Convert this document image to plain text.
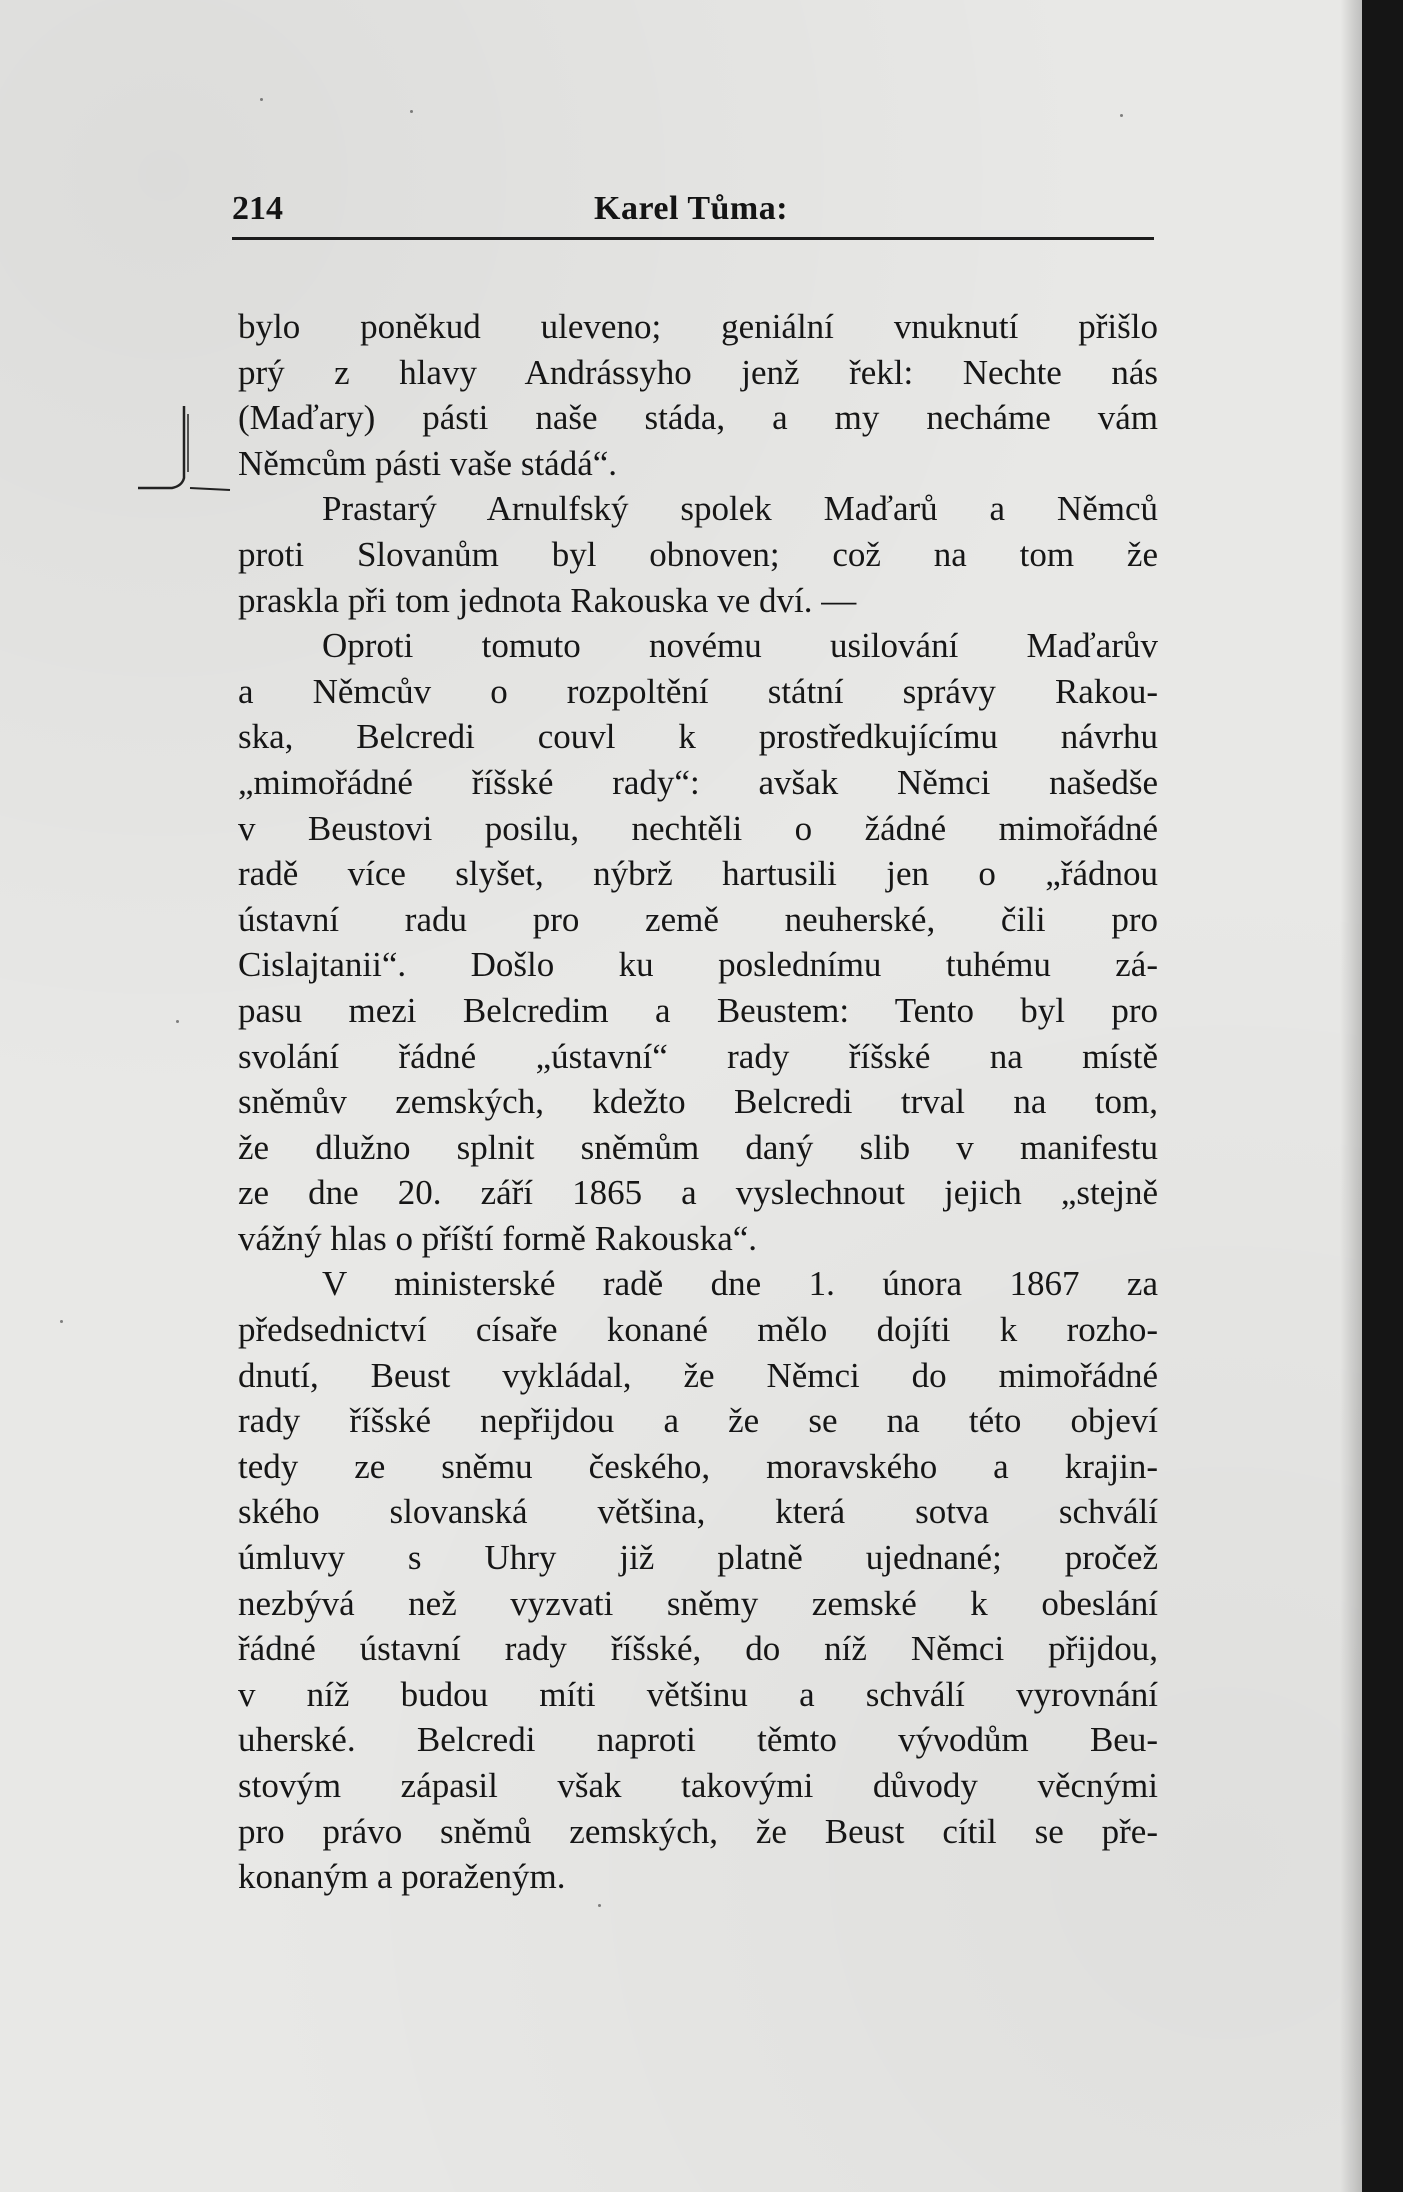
214	Karel Tůma:
bylo poněkud ulevenο; geniální vnuknutí přišlo
prý z hlavy Andrássyho jenž řekl: Nechte nás
(Maďary) pásti naše stáda, a my necháme vám
Němcům pásti vaše stádá“.
Prastarý Arnulfský spolek Maďarů a Němců
proti Slovanům byl obnoven; což na tom že
praskla při tom jednota Rakouska ve dví. —
Oproti tomuto novému usilování Maďarův
a Němcův o rozpoltění státní správy Rakou-
ska, Belcredi couvl k prostředkujícímu návrhu
„mimořádné říšské rady“: avšak Němci našedše
v Beustovi posilu, nechtěli o žádné mimořádné
radě více slyšet, nýbrž hartusili jen o „řádnou
ústavní radu pro země neuherské, čili pro
Cislajtanii“. Došlo ku poslednímu tuhému zá-
pasu mezi Belcredim a Beustem: Tento byl pro
svolání řádné „ústavní“ rady říšské na místě
sněmův zemských, kdežto Belcredi trval na tom,
že dlužno splnit sněmům daný slib v manifestu
ze dne 20. září 1865 a vyslechnout jejich „stejně
vážný hlas o příští formě Rakouska“.
V ministerské radě dne 1. února 1867 za
předsednictví císaře konané mělo dojíti k rozho-
dnutí, Beust vykládal, že Němci do mimořádné
rady říšské nepřijdou a že se na této objeví
tedy ze sněmu českého, moravského a krajin-
ského slovanská většina, která sotva schválí
úmluvy s Uhry již platně ujednané; pročež
nezbývá než vyzvati sněmy zemské k obeslání
řádné ústavní rady říšské, do níž Němci přijdou,
v níž budou míti většinu a schválí vyrovnání
uherské. Belcredi naproti těmto výνodům Beu-
stovým zápasil však takovými důvody věcnými
pro právo sněmů zemských, že Beust cítil se pře-
konaným a poraženým.
